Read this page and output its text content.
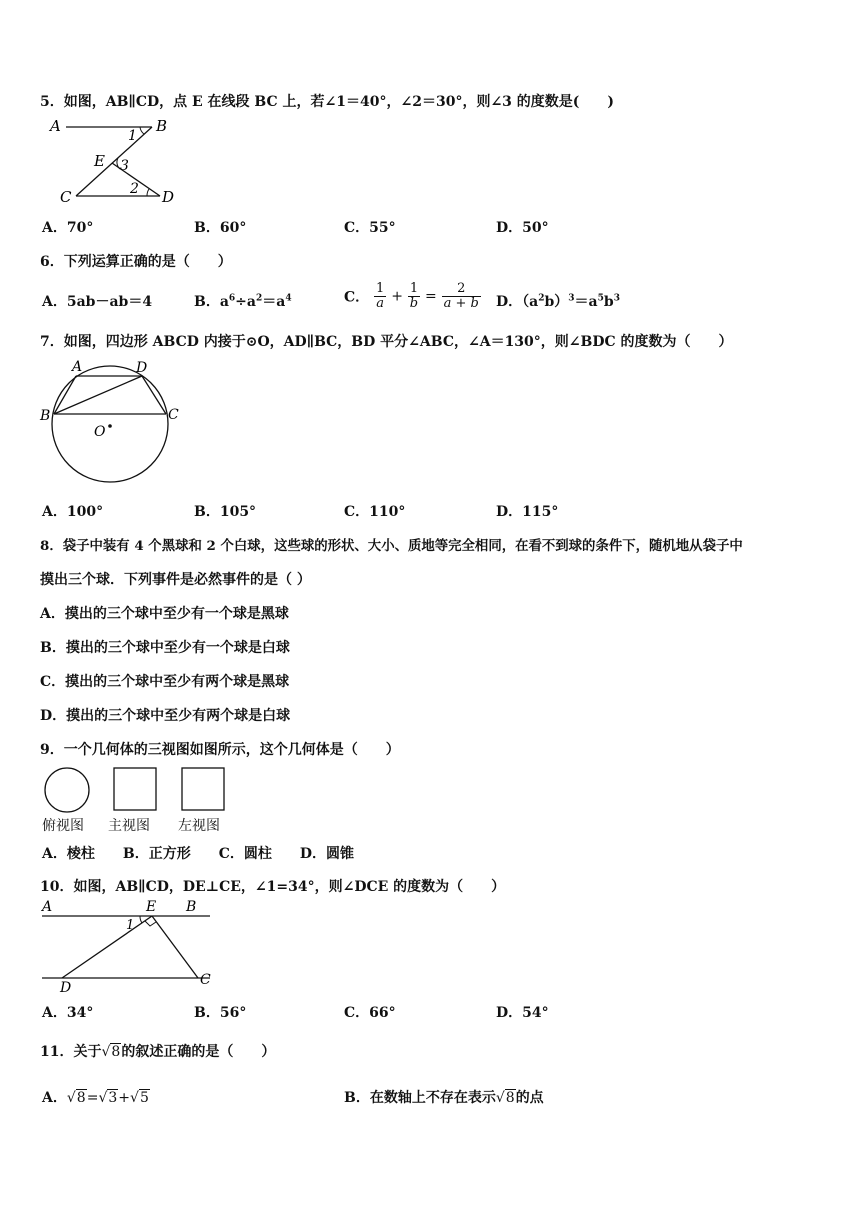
5．如图，AB∥CD，点 E 在线段 BC 上，若∠1＝40°，∠2＝30°，则∠3 的度数是(　　)
A	B
E
C	D
1
3
2
A．70°	B．60°	C．55°	D．50°
6．下列运算正确的是（　　）
A．5ab－ab＝4	B．$a^6\div a^2=a^4$	C． $\frac{1}{a} + \frac{1}{b} = \frac{2}{a + b}$ D．$(a^2b)^3=a^5b^3$
7．如图，四边形 ABCD 内接于⊙O，AD∥BC，BD 平分∠ABC，∠A＝130°，则∠BDC 的度数为（　　）
A	D
B	C
O
A．100°	B．105°	C．110°	D．115°
8．袋子中装有 4 个黑球和 2 个白球，这些球的形状、大小、质地等完全相同，在看不到球的条件下，随机地从袋子中
摸出三个球．下列事件是必然事件的是（ ）
A．摸出的三个球中至少有一个球是黑球
B．摸出的三个球中至少有一个球是白球
C．摸出的三个球中至少有两个球是黑球
D．摸出的三个球中至少有两个球是白球
9．一个几何体的三视图如图所示，这个几何体是（　　）
俯视图 主视图 左视图
A．棱柱　　B．正方形　　C．圆柱　　D．圆锥
10．如图，AB∥CD，DE⊥CE，∠1=34°，则∠DCE 的度数为（　　）
A	E B
D	C
1
A．34°	B．56°	C．66°	D．54°
11．关于√8的叙述正确的是（　　）
A．√8=√3+√5	B．在数轴上不存在表示√8的点
